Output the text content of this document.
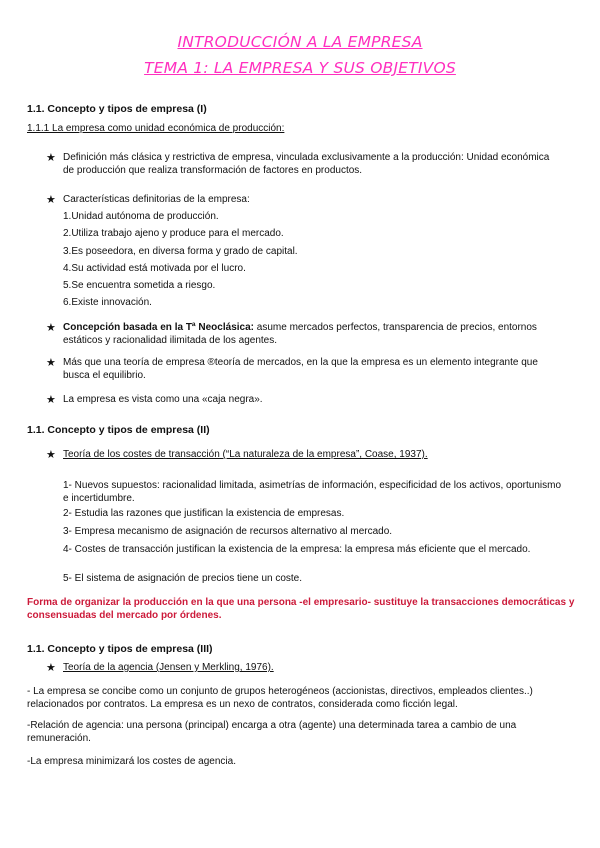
INTRODUCCIÓN A LA EMPRESA
TEMA 1: LA EMPRESA Y SUS OBJETIVOS
1.1. Concepto y tipos de empresa (I)
1.1.1 La empresa como unidad económica de producción:
★ Definición más clásica y restrictiva de empresa, vinculada exclusivamente a la producción: Unidad económica de producción que realiza transformación de factores en productos.
★ Características definitorias de la empresa:
1.Unidad autónoma de producción.
2.Utiliza trabajo ajeno y produce para el mercado.
3.Es poseedora, en diversa forma y grado de capital.
4.Su actividad está motivada por el lucro.
5.Se encuentra sometida a riesgo.
6.Existe innovación.
★ Concepción basada en la Tª Neoclásica: asume mercados perfectos, transparencia de precios, entornos estáticos y racionalidad ilimitada de los agentes.
★ Más que una teoría de empresa ®teoría de mercados, en la que la empresa es un elemento integrante que busca el equilibrio.
★ La empresa es vista como una «caja negra».
1.1. Concepto y tipos de empresa (II)
★ Teoría de los costes de transacción (“La naturaleza de la empresa”, Coase, 1937).
1- Nuevos supuestos: racionalidad limitada, asimetrías de información, especificidad de los activos, oportunismo e incertidumbre.
2- Estudia las razones que justifican la existencia de empresas.
3- Empresa mecanismo de asignación de recursos alternativo al mercado.
4- Costes de transacción justifican la existencia de la empresa: la empresa más eficiente que el mercado.
5- El sistema de asignación de precios tiene un coste.
Forma de organizar la producción en la que una persona -el empresario- sustituye la transacciones democráticas y consensuadas del mercado por órdenes.
1.1. Concepto y tipos de empresa (III)
★ Teoría de la agencia (Jensen y Merkling, 1976).
- La empresa se concibe como un conjunto de grupos heterogéneos (accionistas, directivos, empleados clientes..) relacionados por contratos. La empresa es un nexo de contratos, considerada como ficción legal.
-Relación de agencia: una persona (principal) encarga a otra (agente) una determinada tarea a cambio de una remuneración.
-La empresa minimizará los costes de agencia.
